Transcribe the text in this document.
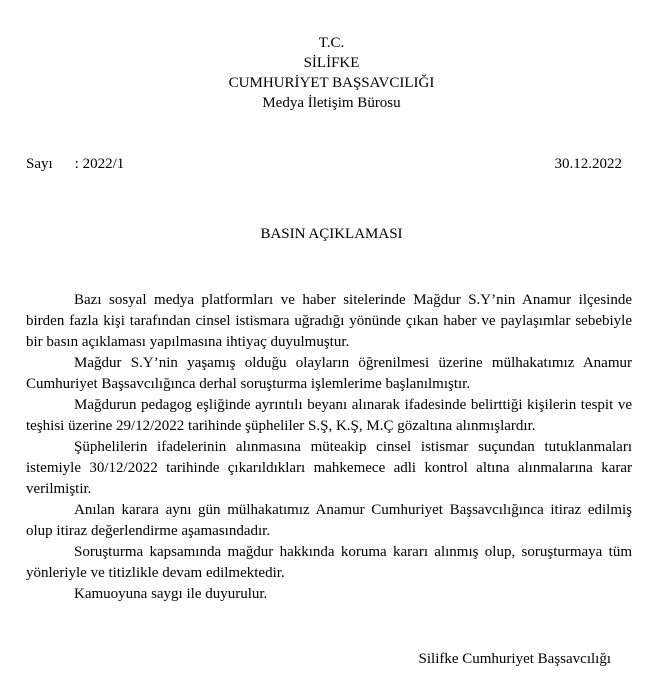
T.C.
SİLİFKE
CUMHURİYET BAŞSAVCILIĞI
Medya İletişim Bürosu
Sayı : 2022/1	30.12.2022
BASIN AÇIKLAMASI

Bazı sosyal medya platformları ve haber sitelerinde Mağdur S.Y’nin Anamur ilçesinde birden fazla kişi tarafından cinsel istismara uğradığı yönünde çıkan haber ve paylaşımlar sebebiyle bir basın açıklaması yapılmasına ihtiyaç duyulmuştur.

Mağdur S.Y’nin yaşamış olduğu olayların öğrenilmesi üzerine mülhakatımız Anamur Cumhuriyet Başsavcılığınca derhal soruşturma işlemlerime başlanılmıştır.

Mağdurun pedagog eşliğinde ayrıntılı beyanı alınarak ifadesinde belirttiği kişilerin tespit ve teşhisi üzerine 29/12/2022 tarihinde şüpheliler S.Ş, K.Ş, M.Ç gözaltına alınmışlardır.

Şüphelilerin ifadelerinin alınmasına müteakip cinsel istismar suçundan tutuklanmaları istemiyle 30/12/2022 tarihinde çıkarıldıkları mahkemece adli kontrol altına alınmalarına karar verilmiştir.

Anılan karara aynı gün mülhakatımız Anamur Cumhuriyet Başsavcılığınca itiraz edilmiş olup itiraz değerlendirme aşamasındadır.

Soruşturma kapsamında mağdur hakkında koruma kararı alınmış olup, soruşturmaya tüm yönleriyle ve titizlikle devam edilmektedir.

Kamuoyuna saygı ile duyurulur.

Silifke Cumhuriyet Başsavcılığı
